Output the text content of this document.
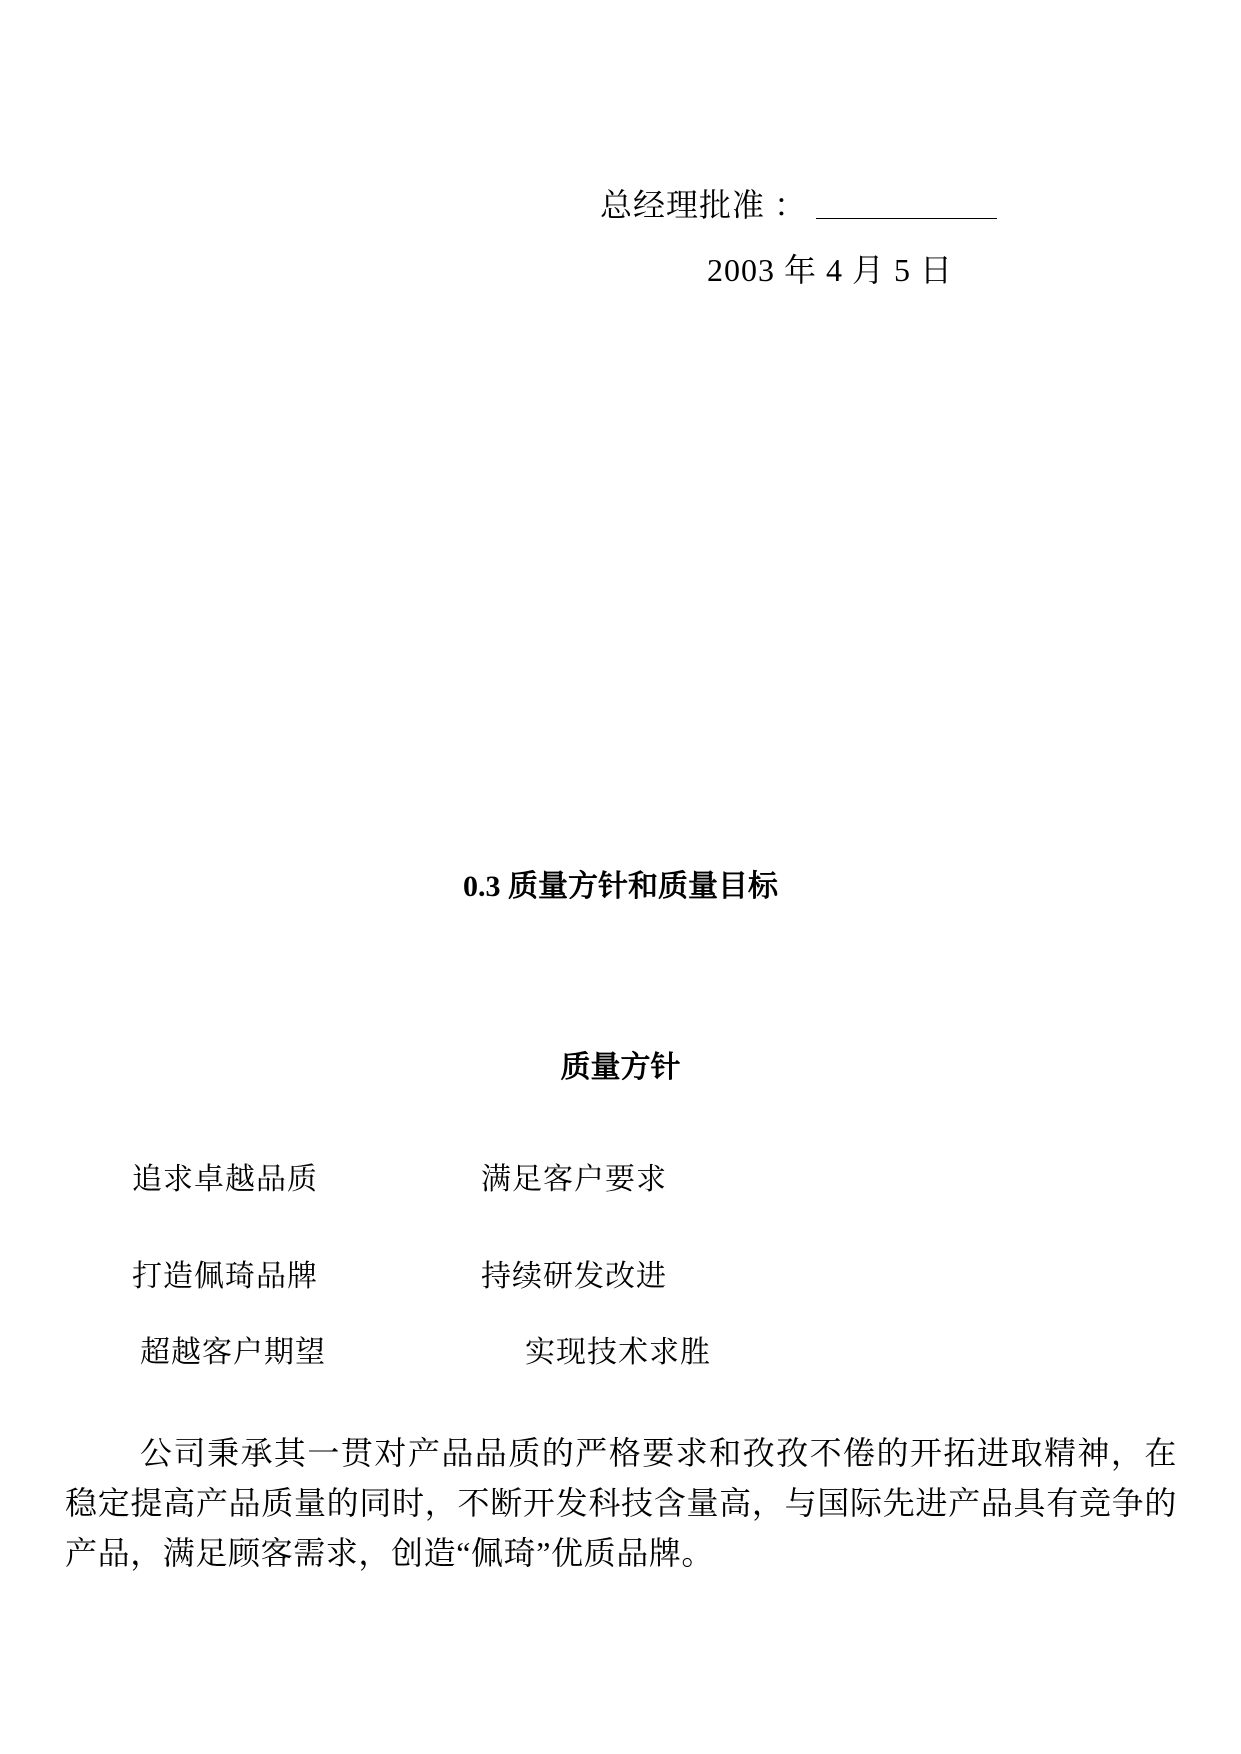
总经理批准 ：
2003 年 4 月 5 日
0.3 质量方针和质量目标
质量方针
追求卓越品质	满足客户要求
打造佩琦品牌	持续研发改进
超越客户期望	实现技术求胜

公司秉承其一贯对产品品质的严格要求和孜孜不倦的开拓进取精神，在稳定提高产品质量的同时，不断开发科技含量高，与国际先进产品具有竞争的产品，满足顾客需求，创造“佩琦”优质品牌。
